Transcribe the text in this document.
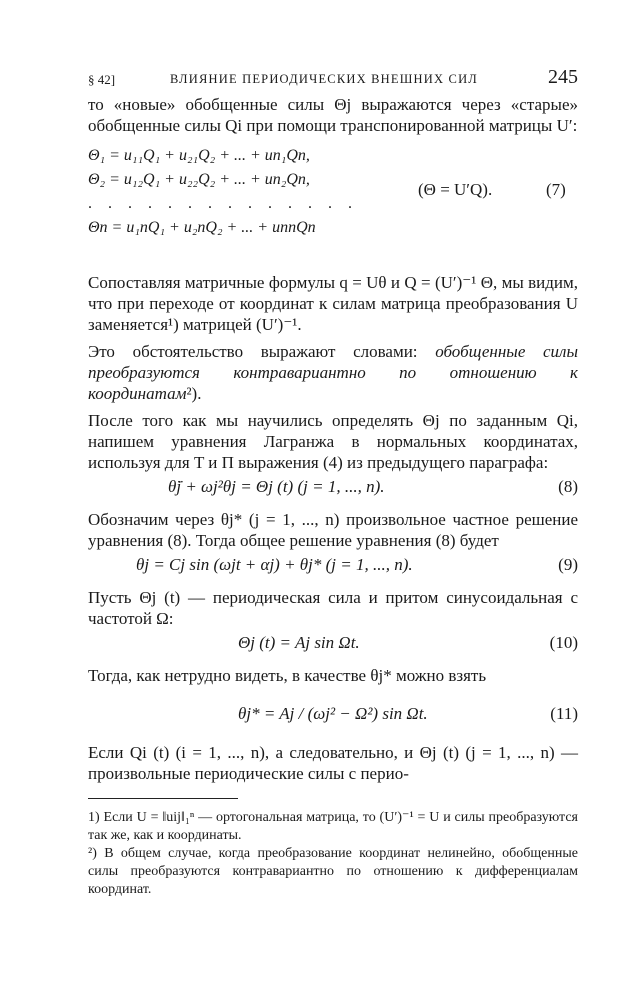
§ 42]	ВЛИЯНИЕ ПЕРИОДИЧЕСКИХ ВНЕШНИХ СИЛ	245

то «новые» обобщенные силы Θj выражаются через «старые» обобщенные силы Qi при помощи транспонированной матрицы U′:

Θ₁ = u₁₁Q₁ + u₂₁Q₂ + ... + un₁Qn,
Θ₂ = u₁₂Q₁ + u₂₂Q₂ + ... + un₂Qn,
. . . . . . . . . . . . . .
Θn = u₁nQ₁ + u₂nQ₂ + ... + unnQn
(Θ = U′Q).	(7)

Сопоставляя матричные формулы q = Uθ и Q = (U′)⁻¹ Θ, мы видим, что при переходе от координат к силам матрица преобразования U заменяется¹) матрицей (U′)⁻¹.

Это обстоятельство выражают словами: обобщенные силы преобразуются контравариантно по отношению к координатам²).

После того как мы научились определять Θj по заданным Qi, напишем уравнения Лагранжа в нормальных координатах, используя для T и П выражения (4) из предыдущего параграфа:

θ̈j + ωj²θj = Θj (t) (j = 1, ..., n).	(8)

Обозначим через θj* (j = 1, ..., n) произвольное частное решение уравнения (8). Тогда общее решение уравнения (8) будет

θj = Cj sin (ωjt + αj) + θj* (j = 1, ..., n).	(9)

Пусть Θj (t) — периодическая сила и притом синусоидальная с частотой Ω:

Θj (t) = Aj sin Ωt.	(10)

Тогда, как нетрудно видеть, в качестве θj* можно взять

θj* = Aj / (ωj² − Ω²) sin Ωt.	(11)

Если Qi (t) (i = 1, ..., n), а следовательно, и Θj (t) (j = 1, ..., n) — произвольные периодические силы с перио-

1) Если U = ‖uij‖₁ⁿ — ортогональная матрица, то (U′)⁻¹ = U и силы преобразуются так же, как и координаты.

²) В общем случае, когда преобразование координат нелинейно, обобщенные силы преобразуются контравариантно по отношению к дифференциалам координат.
